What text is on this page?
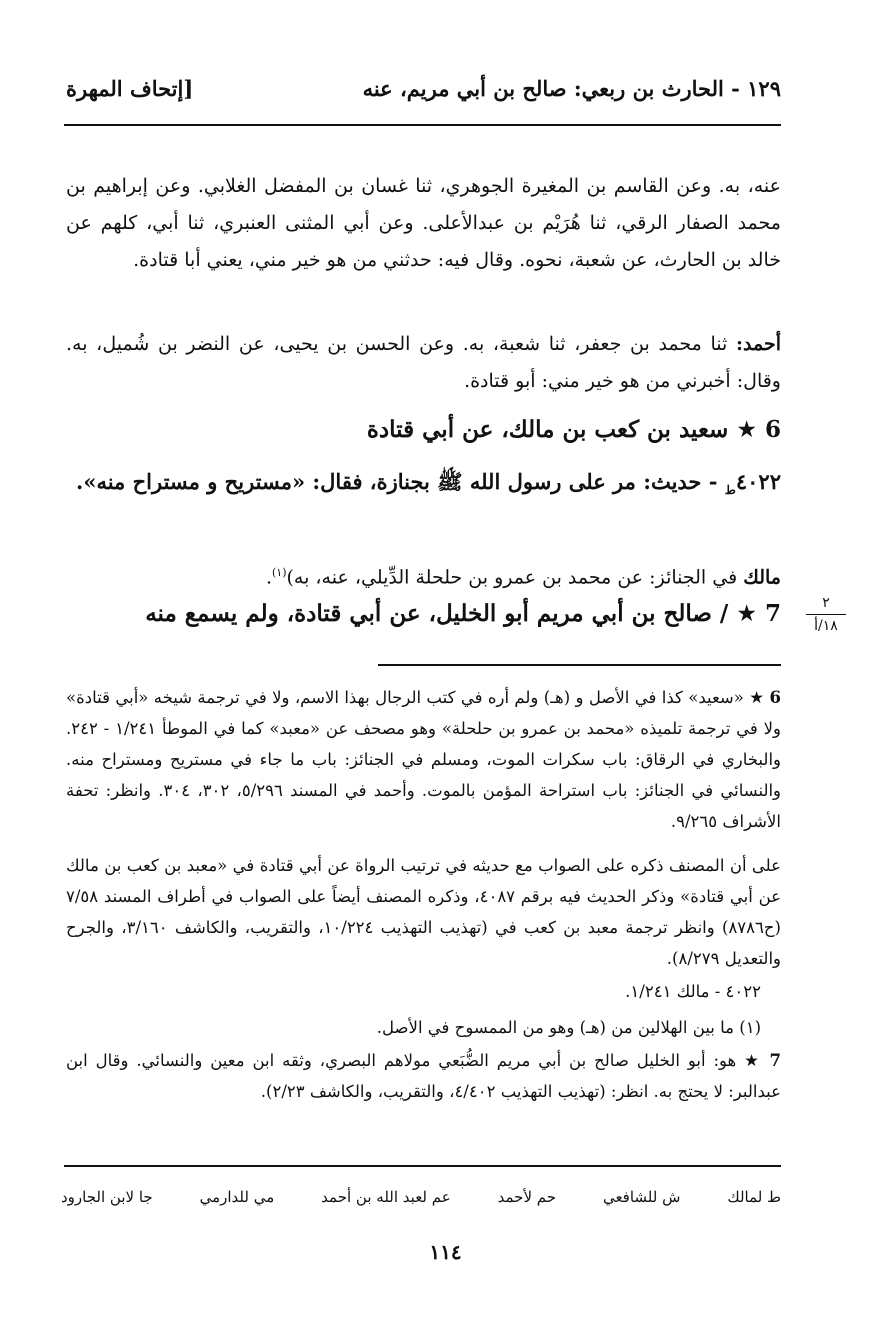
١٢٩ - الحارث بن ربعي: صالح بن أبي مريم، عنه
[إتحاف المهرة
عنه، به. وعن القاسم بن المغيرة الجوهري، ثنا غسان بن المفضل الغلابي. وعن إبراهيم بن محمد الصفار الرقي، ثنا هُرَيْم بن عبدالأعلى. وعن أبي المثنى العنبري، ثنا أبي، كلهم عن خالد بن الحارث، عن شعبة، نحوه. وقال فيه: حدثني من هو خير مني، يعني أبا قتادة.
أحمد: ثنا محمد بن جعفر، ثنا شعبة، به. وعن الحسن بن يحيى، عن النضر بن شُميل، به. وقال: أخبرني من هو خير مني: أبو قتادة.
6 ★ سعيد بن كعب بن مالك، عن أبي قتادة
$٤٠٢٢_ط$ - حديث: مر على رسول الله ﷺ بجنازة، فقال: «مستريح و مستراح منه».
مالك في الجنائز: عن محمد بن عمرو بن حلحلة الدِّيلي، عنه، به)$^{(١)}$.
7 ★ / صالح بن أبي مريم أبو الخليل، عن أبي قتادة، ولم يسمع منه	٢
١٨/أ
6 ★ «سعيد» كذا في الأصل و (هـ) ولم أره في كتب الرجال بهذا الاسم، ولا في ترجمة شيخه «أبي قتادة» ولا في ترجمة تلميذه «محمد بن عمرو بن حلحلة» وهو مصحف عن «معبد» كما في الموطأ ١/٢٤١ - ٢٤٢. والبخاري في الرقاق: باب سكرات الموت، ومسلم في الجنائز: باب ما جاء في مستريح ومستراح منه. والنسائي في الجنائز: باب استراحة المؤمن بالموت. وأحمد في المسند ٥/٢٩٦، ٣٠٢، ٣٠٤. وانظر: تحفة الأشراف ٩/٢٦٥.
على أن المصنف ذكره على الصواب مع حديثه في ترتيب الرواة عن أبي قتادة في «معبد بن كعب بن مالك عن أبي قتادة» وذكر الحديث فيه برقم ٤٠٨٧، وذكره المصنف أيضاً على الصواب في أطراف المسند ٧/٥٨ (ح٨٧٨٦) وانظر ترجمة معبد بن كعب في (تهذيب التهذيب ١٠/٢٢٤، والتقريب، والكاشف ٣/١٦٠، والجرح والتعديل ٨/٢٧٩).
٤٠٢٢ - مالك ١/٢٤١.
(١) ما بين الهلالين من (هـ) وهو من الممسوح في الأصل.
7 ★ هو: أبو الخليل صالح بن أبي مريم الضُّبَعي مولاهم البصري، وثقه ابن معين والنسائي. وقال ابن عبدالبر: لا يحتج به. انظر: (تهذيب التهذيب ٤/٤٠٢، والتقريب، والكاشف ٢/٢٣).
ط لمالك
ش للشافعي
حم لأحمد
عم لعبد الله بن أحمد
مي للدارمي
جا لابن الجارود
١١٤
